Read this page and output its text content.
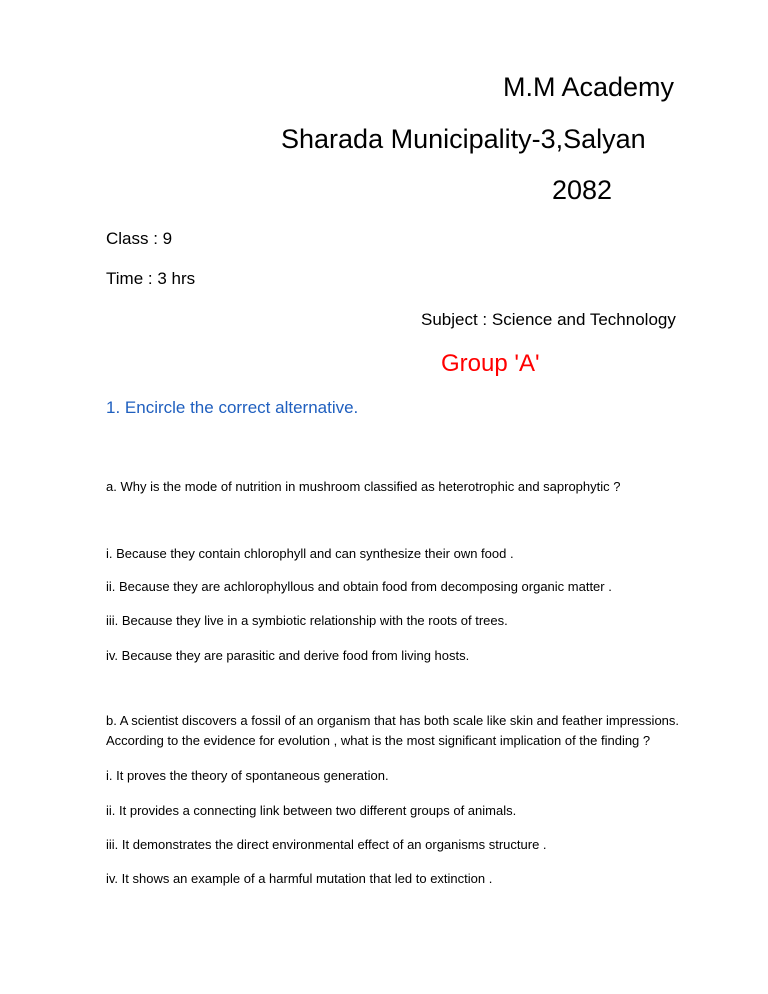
M.M Academy
Sharada Municipality-3,Salyan
2082
Class : 9
Time : 3 hrs
Subject : Science and Technology
Group 'A'
1. Encircle the correct alternative.
a. Why is the mode of nutrition in mushroom classified as heterotrophic and saprophytic ?
i. Because they contain chlorophyll and can synthesize their own food .
ii. Because they are achlorophyllous and obtain food from decomposing organic matter .
iii. Because they live in a symbiotic relationship with the roots of trees.
iv. Because they are parasitic and derive food from living hosts.
b. A scientist discovers a fossil of an organism that has both scale like skin and feather impressions.
According to the evidence for evolution , what is the most significant implication of the finding ?
i. It proves the theory of spontaneous generation.
ii. It provides a connecting link between two different groups of animals.
iii. It demonstrates the direct environmental effect of an organisms structure .
iv. It shows an example of a harmful mutation that led to extinction .
